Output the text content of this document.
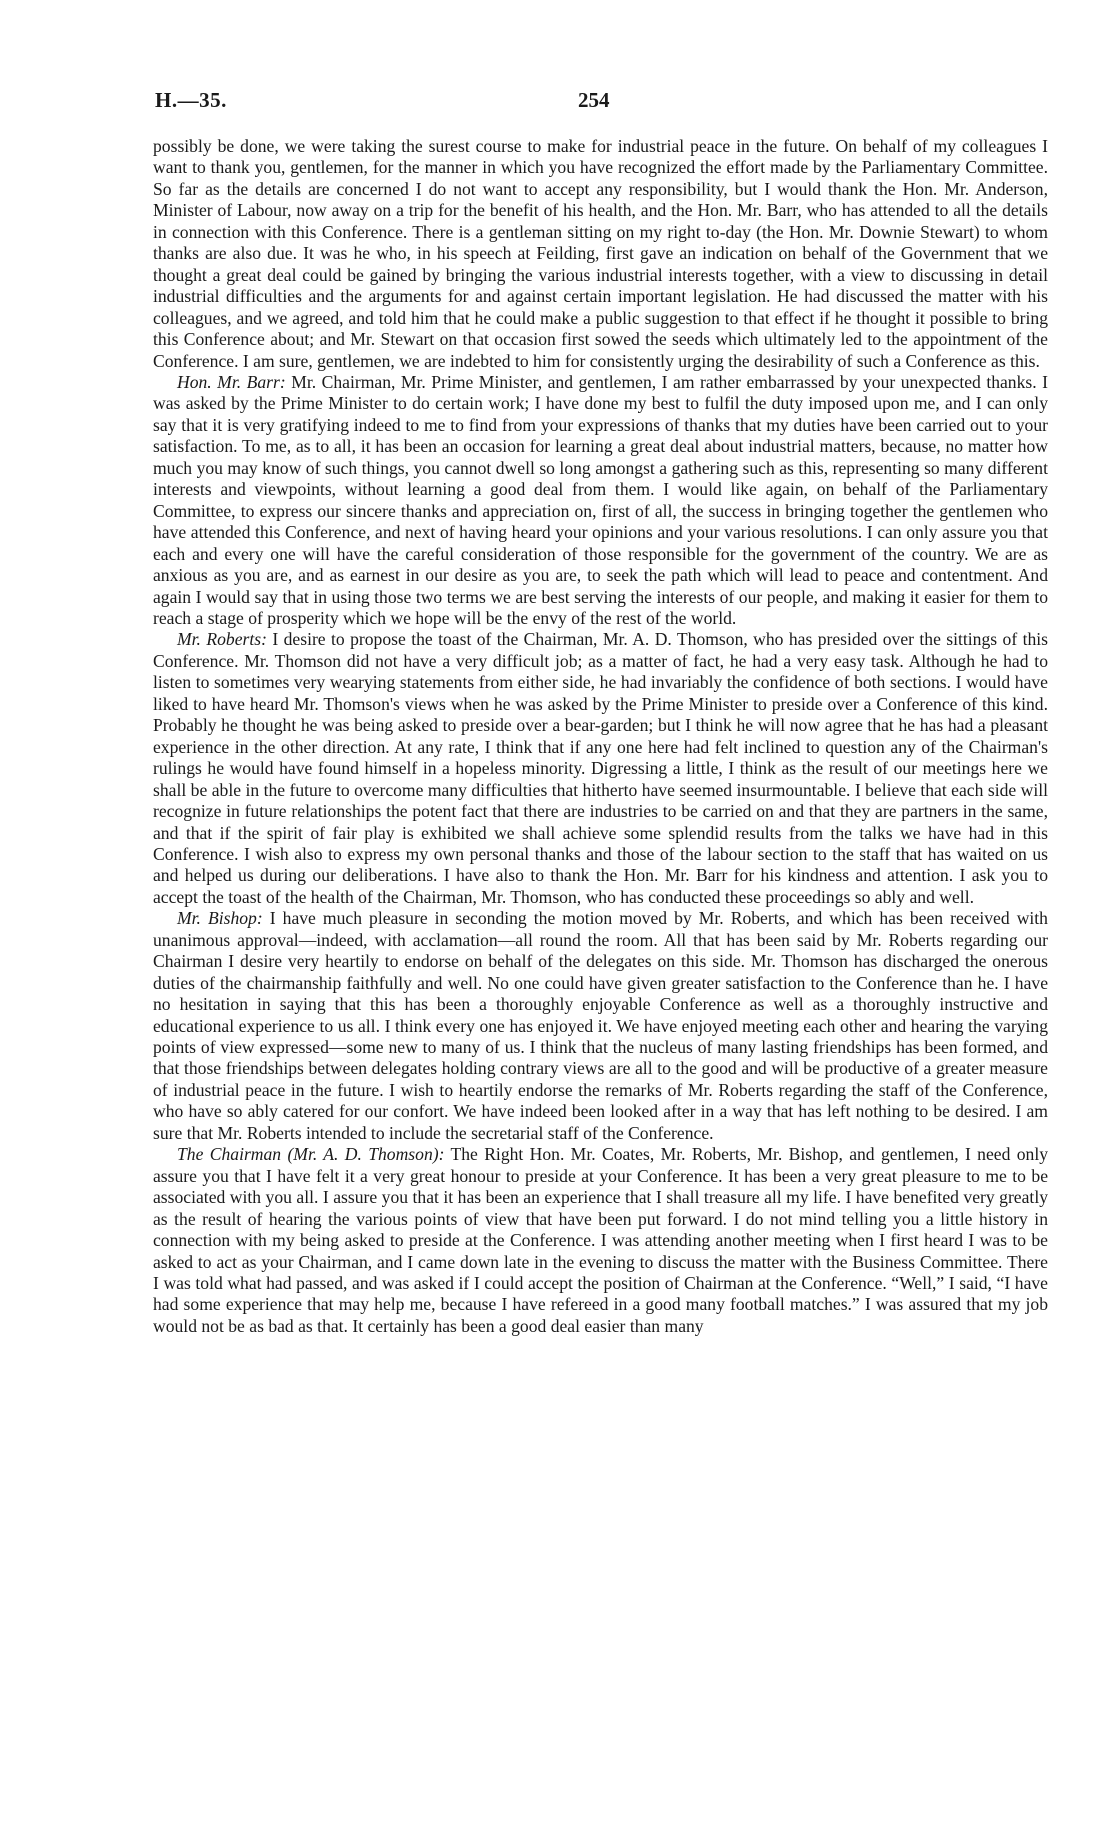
H.—35.	254

possibly be done, we were taking the surest course to make for industrial peace in the future. On behalf of my colleagues I want to thank you, gentlemen, for the manner in which you have recognized the effort made by the Parliamentary Committee. So far as the details are concerned I do not want to accept any responsibility, but I would thank the Hon. Mr. Anderson, Minister of Labour, now away on a trip for the benefit of his health, and the Hon. Mr. Barr, who has attended to all the details in connection with this Conference. There is a gentleman sitting on my right to-day (the Hon. Mr. Downie Stewart) to whom thanks are also due. It was he who, in his speech at Feilding, first gave an indication on behalf of the Government that we thought a great deal could be gained by bringing the various industrial interests together, with a view to discussing in detail industrial difficulties and the arguments for and against certain important legislation. He had discussed the matter with his colleagues, and we agreed, and told him that he could make a public suggestion to that effect if he thought it possible to bring this Conference about; and Mr. Stewart on that occasion first sowed the seeds which ultimately led to the appointment of the Conference. I am sure, gentlemen, we are indebted to him for consistently urging the desirability of such a Conference as this.

Hon. Mr. Barr: Mr. Chairman, Mr. Prime Minister, and gentlemen, I am rather embarrassed by your unexpected thanks. I was asked by the Prime Minister to do certain work; I have done my best to fulfil the duty imposed upon me, and I can only say that it is very gratifying indeed to me to find from your expressions of thanks that my duties have been carried out to your satisfaction. To me, as to all, it has been an occasion for learning a great deal about industrial matters, because, no matter how much you may know of such things, you cannot dwell so long amongst a gathering such as this, representing so many different interests and viewpoints, without learning a good deal from them. I would like again, on behalf of the Parliamentary Committee, to express our sincere thanks and appreciation on, first of all, the success in bringing together the gentlemen who have attended this Conference, and next of having heard your opinions and your various resolutions. I can only assure you that each and every one will have the careful consideration of those responsible for the government of the country. We are as anxious as you are, and as earnest in our desire as you are, to seek the path which will lead to peace and contentment. And again I would say that in using those two terms we are best serving the interests of our people, and making it easier for them to reach a stage of prosperity which we hope will be the envy of the rest of the world.

Mr. Roberts: I desire to propose the toast of the Chairman, Mr. A. D. Thomson, who has presided over the sittings of this Conference. Mr. Thomson did not have a very difficult job; as a matter of fact, he had a very easy task. Although he had to listen to sometimes very wearying statements from either side, he had invariably the confidence of both sections. I would have liked to have heard Mr. Thomson's views when he was asked by the Prime Minister to preside over a Conference of this kind. Probably he thought he was being asked to preside over a bear-garden; but I think he will now agree that he has had a pleasant experience in the other direction. At any rate, I think that if any one here had felt inclined to question any of the Chairman's rulings he would have found himself in a hopeless minority. Digressing a little, I think as the result of our meetings here we shall be able in the future to overcome many difficulties that hitherto have seemed insurmountable. I believe that each side will recognize in future relationships the potent fact that there are industries to be carried on and that they are partners in the same, and that if the spirit of fair play is exhibited we shall achieve some splendid results from the talks we have had in this Conference. I wish also to express my own personal thanks and those of the labour section to the staff that has waited on us and helped us during our deliberations. I have also to thank the Hon. Mr. Barr for his kindness and attention. I ask you to accept the toast of the health of the Chairman, Mr. Thomson, who has conducted these proceedings so ably and well.

Mr. Bishop: I have much pleasure in seconding the motion moved by Mr. Roberts, and which has been received with unanimous approval—indeed, with acclamation—all round the room. All that has been said by Mr. Roberts regarding our Chairman I desire very heartily to endorse on behalf of the delegates on this side. Mr. Thomson has discharged the onerous duties of the chairmanship faithfully and well. No one could have given greater satisfaction to the Conference than he. I have no hesitation in saying that this has been a thoroughly enjoyable Conference as well as a thoroughly instructive and educational experience to us all. I think every one has enjoyed it. We have enjoyed meeting each other and hearing the varying points of view expressed—some new to many of us. I think that the nucleus of many lasting friendships has been formed, and that those friendships between delegates holding contrary views are all to the good and will be productive of a greater measure of industrial peace in the future. I wish to heartily endorse the remarks of Mr. Roberts regarding the staff of the Conference, who have so ably catered for our confort. We have indeed been looked after in a way that has left nothing to be desired. I am sure that Mr. Roberts intended to include the secretarial staff of the Conference.

The Chairman (Mr. A. D. Thomson): The Right Hon. Mr. Coates, Mr. Roberts, Mr. Bishop, and gentlemen, I need only assure you that I have felt it a very great honour to preside at your Conference. It has been a very great pleasure to me to be associated with you all. I assure you that it has been an experience that I shall treasure all my life. I have benefited very greatly as the result of hearing the various points of view that have been put forward. I do not mind telling you a little history in connection with my being asked to preside at the Conference. I was attending another meeting when I first heard I was to be asked to act as your Chairman, and I came down late in the evening to discuss the matter with the Business Committee. There I was told what had passed, and was asked if I could accept the position of Chairman at the Conference. “Well,” I said, “I have had some experience that may help me, because I have refereed in a good many football matches.” I was assured that my job would not be as bad as that. It certainly has been a good deal easier than many
